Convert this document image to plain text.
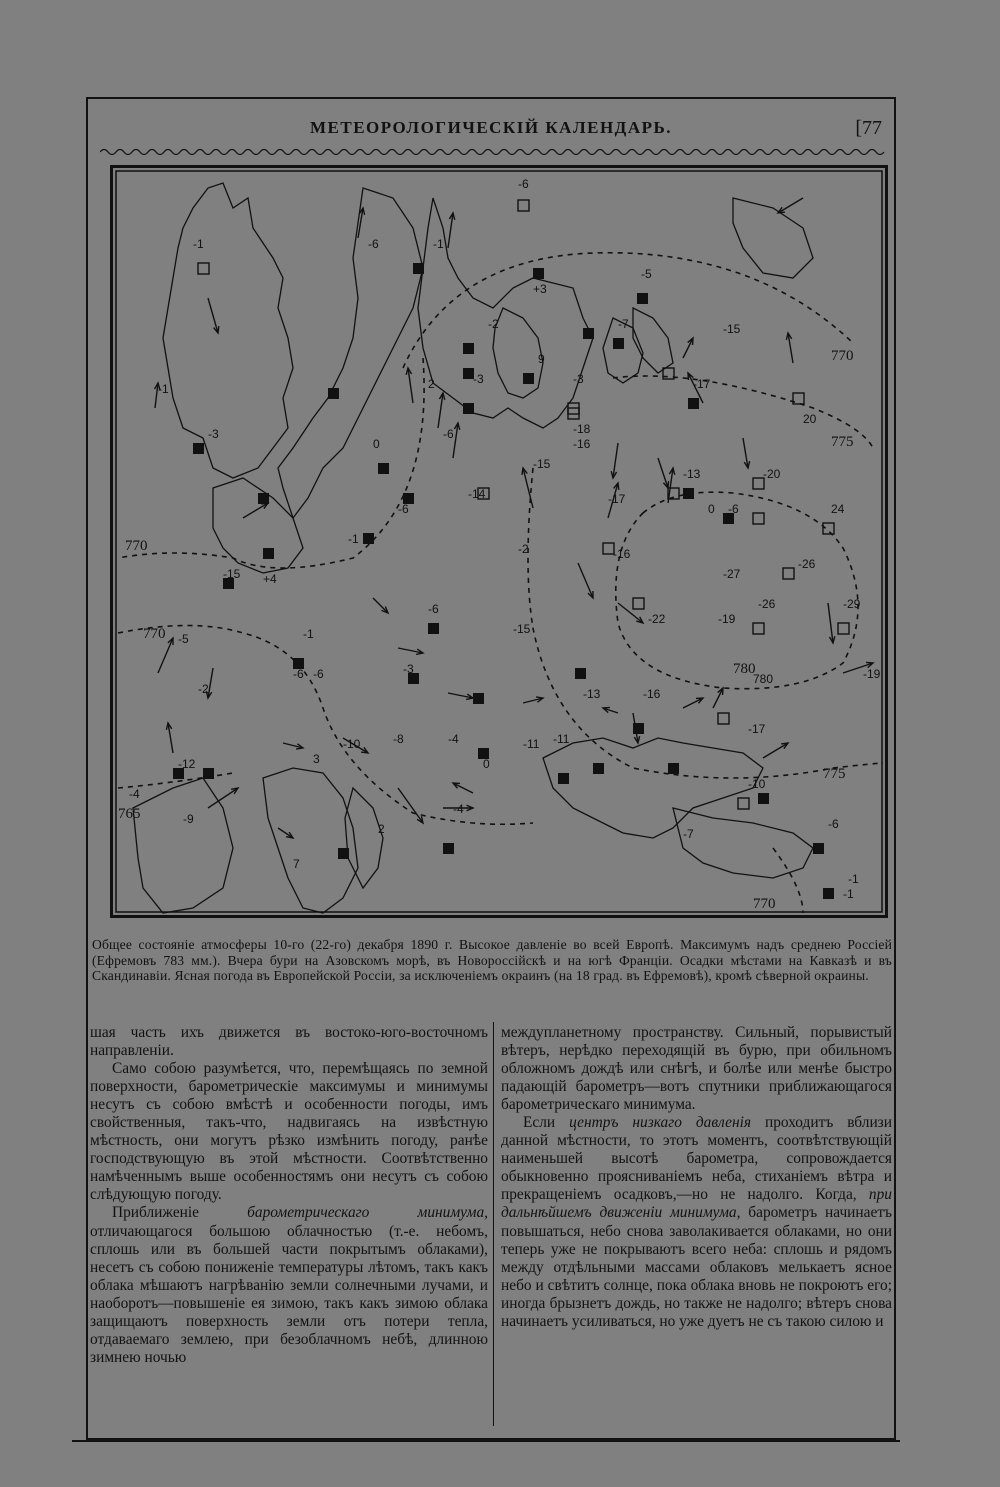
МЕТЕОРОЛОГИЧЕСКІЙ КАЛЕНДАРЬ.	[77
770
775
770
770
765
780
775
770
-1	-6	-1
-6
-5
-7	-15
+3
-2
-3	-3
9
-18
-17
20
-1
-3
0
2
-6
-16
-15
0 -6
-14
-1
-6
-13	-20
-17
24
-15 +4
-2	-16
-19
-27
-26
-26
-29
-22
-6
-15
-5	-1
-6	-3
-13	-16
780	-19
-2
-6
-10
3
-8	-4	-11 -11
-17
-12	0
-10
-4
-9
2
-4
-1
-7
-6
7
-1
Общее состояніе атмосферы 10-го (22-го) декабря 1890 г. Высокое давленіе во всей Европѣ. Максимумъ надъ среднею Россіей (Ефремовъ 783 мм.). Вчера бури на Азовскомъ морѣ, въ Новороссійскѣ и на югѣ Франціи. Осадки мѣстами на Кавказѣ и въ Скандинавіи. Ясная погода въ Европейской Россіи, за исключеніемъ окраинъ (на 18 град. въ Ефремовѣ), кромѣ сѣверной окраины.

шая часть ихъ движется въ востоко-юго-восточномъ направленіи.

Само собою разумѣется, что, перемѣщаясь по земной поверхности, барометрическіе максимумы и минимумы несутъ съ собою вмѣстѣ и особенности погоды, имъ свойственныя, такъ-что, надвигаясь на извѣстную мѣстность, они могутъ рѣзко измѣнить погоду, ранѣе господствующую въ этой мѣстности. Соотвѣтственно намѣченнымъ выше особенностямъ они несутъ съ собою слѣдующую погоду.

Приближеніе барометрическаго минимума, отличающагося большою облачностью (т.-е. небомъ, сплошь или въ большей части покрытымъ облаками), несетъ съ собою пониженіе температуры лѣтомъ, такъ какъ облака мѣшаютъ нагрѣванію земли солнечными лучами, и наоборотъ—повышеніе ея зимою, такъ какъ зимою облака защищаютъ поверхность земли отъ потери тепла, отдаваемаго землею, при безоблачномъ небѣ, длинною зимнею ночью

междупланетному пространству. Сильный, порывистый вѣтеръ, нерѣдко переходящій въ бурю, при обильномъ обложномъ дождѣ или снѣгѣ, и болѣе или менѣе быстро падающій барометръ—вотъ спутники приближающагося барометрическаго минимума.

Если центръ низкаго давленія проходитъ вблизи данной мѣстности, то этотъ моментъ, соотвѣтствующій наименьшей высотѣ барометра, сопровождается обыкновенно проясниваніемъ неба, стиханіемъ вѣтра и прекращеніемъ осадковъ,—но не надолго. Когда, при дальнѣйшемъ движеніи минимума, барометръ начинаетъ повышаться, небо снова заволакивается облаками, но они теперь уже не покрываютъ всего неба: сплошь и рядомъ между отдѣльными массами облаковъ мелькаетъ ясное небо и свѣтитъ солнце, пока облака вновь не покроютъ его; иногда брызнетъ дождь, но также не надолго; вѣтеръ снова начинаетъ усиливаться, но уже дуетъ не съ такою силою и
